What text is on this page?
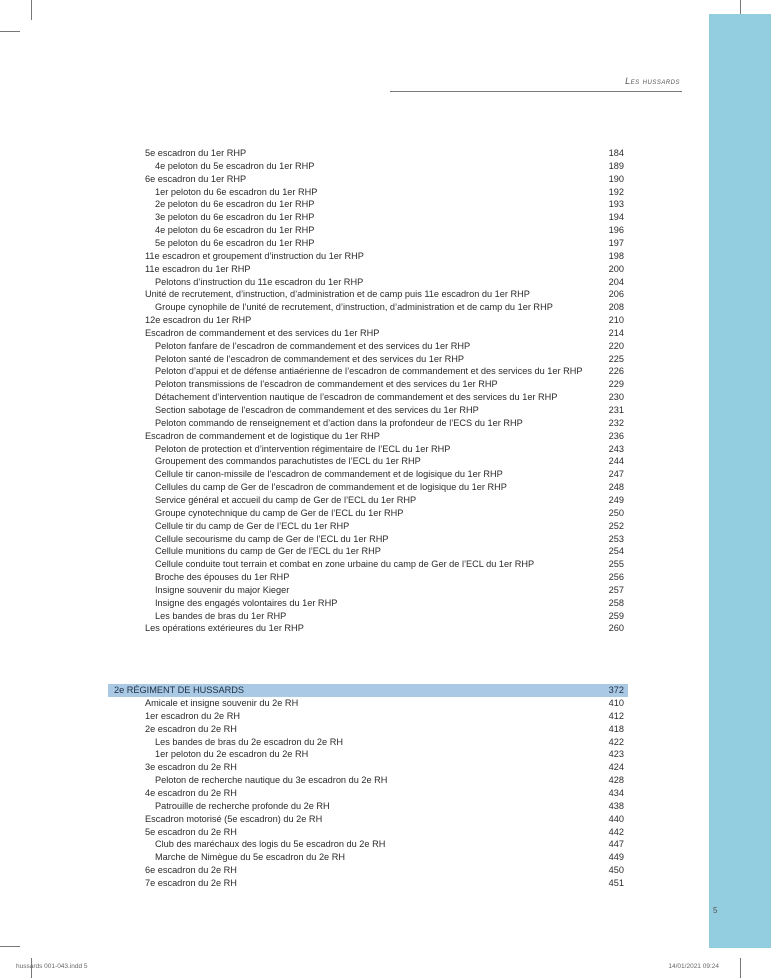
Les hussards
5e escadron du 1er RHP	184
4e peloton du 5e escadron du 1er RHP	189
6e escadron du 1er RHP	190
1er peloton du 6e escadron du 1er RHP	192
2e peloton du 6e escadron du 1er RHP	193
3e peloton du 6e escadron du 1er RHP	194
4e peloton du 6e escadron du 1er RHP	196
5e peloton du 6e escadron du 1er RHP	197
11e escadron et groupement d’instruction du 1er RHP	198
11e escadron du 1er RHP	200
Pelotons d’instruction du 11e escadron du 1er RHP	204
Unité de recrutement, d’instruction, d’administration et de camp puis 11e escadron du 1er RHP	206
Groupe cynophile de l’unité de recrutement, d’instruction, d’administration et de camp du 1er RHP	208
12e escadron du 1er RHP	210
Escadron de commandement et des services du 1er RHP	214
Peloton fanfare de l’escadron de commandement et des services du 1er RHP	220
Peloton santé de l’escadron de commandement et des services du 1er RHP	225
Peloton d’appui et de défense antiaérienne de l’escadron de commandement et des services du 1er RHP	226
Peloton transmissions de l’escadron de commandement et des services du 1er RHP	229
Détachement d’intervention nautique de l’escadron de commandement et des services du 1er RHP	230
Section sabotage de l’escadron de commandement et des services du 1er RHP	231
Peloton commando de renseignement et d’action dans la profondeur de l’ECS du 1er RHP	232
Escadron de commandement et de logistique du 1er RHP	236
Peloton de protection et d’intervention régimentaire de l’ECL du 1er RHP	243
Groupement des commandos parachutistes de l’ECL du 1er RHP	244
Cellule tir canon-missile de l’escadron de commandement et de logisique du 1er RHP	247
Cellules du camp de Ger de l’escadron de commandement et de logisique du 1er RHP	248
Service général et accueil du camp de Ger de l’ECL du 1er RHP	249
Groupe cynotechnique du camp de Ger de l’ECL du 1er RHP	250
Cellule tir du camp de Ger de l’ECL du 1er RHP	252
Cellule secourisme du camp de Ger de l’ECL du 1er RHP	253
Cellule munitions du camp de Ger de l’ECL du 1er RHP	254
Cellule conduite tout terrain et combat en zone urbaine du camp de Ger de l’ECL du 1er RHP	255
Broche des épouses du 1er RHP	256
Insigne souvenir du major Kieger	257
Insigne des engagés volontaires du 1er RHP	258
Les bandes de bras du 1er RHP	259
Les opérations extérieures du 1er RHP	260
2e RÉGIMENT DE HUSSARDS	372
Amicale et insigne souvenir du 2e RH	410
1er escadron du 2e RH	412
2e escadron du 2e RH	418
Les bandes de bras du 2e escadron du 2e RH	422
1er peloton du 2e escadron du 2e RH	423
3e escadron du 2e RH	424
Peloton de recherche nautique du 3e escadron du 2e RH	428
4e escadron du 2e RH	434
Patrouille de recherche profonde du 2e RH	438
Escadron motorisé (5e escadron) du 2e RH	440
5e escadron du 2e RH	442
Club des maréchaux des logis du 5e escadron du 2e RH	447
Marche de Nimègue du 5e escadron du 2e RH	449
6e escadron du 2e RH	450
7e escadron du 2e RH	451
5
hussards 001-043.indd 5	14/01/2021 09:24
